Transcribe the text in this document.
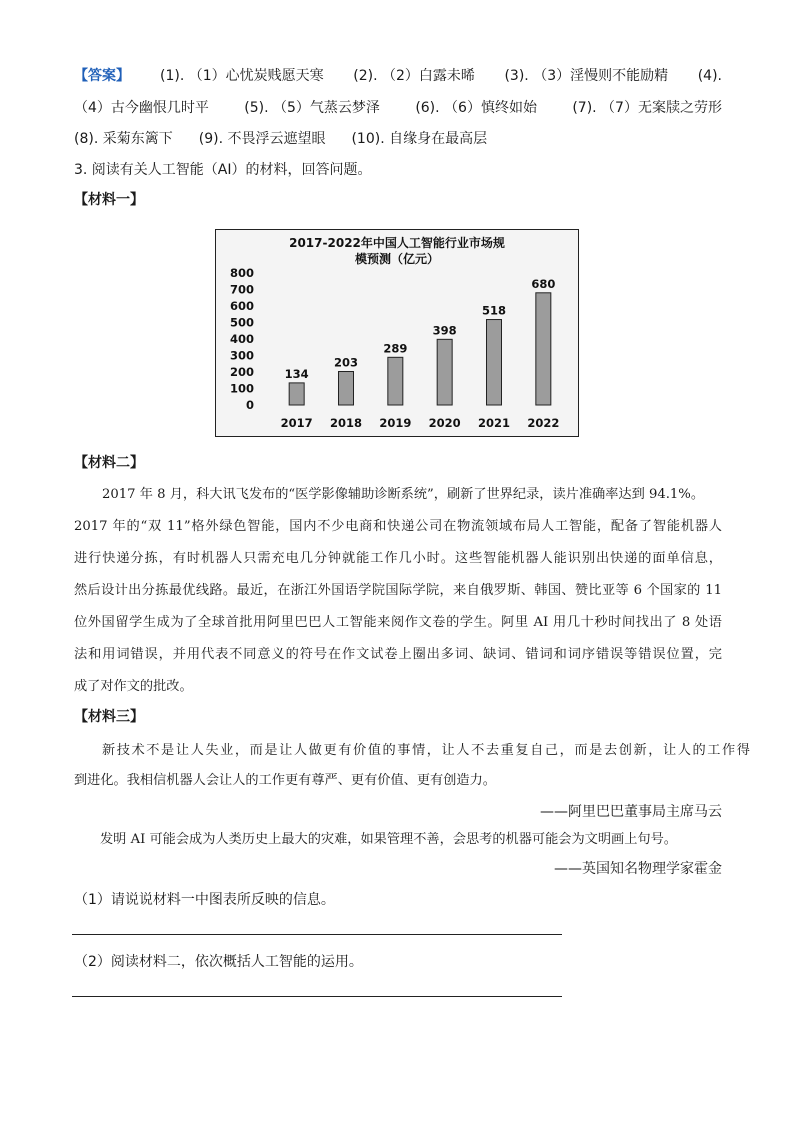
【答案】 (1). （1）心忧炭贱愿天寒 (2). （2）白露未晞 (3). （3）淫慢则不能励精 (4).
（4）古今幽恨几时平	(5). （5）气蒸云梦泽	(6). （6）慎终如始	(7). （7）无案牍之劳形
(8). 采菊东篱下 (9). 不畏浮云遮望眼 (10). 自缘身在最高层
3. 阅读有关人工智能（AI）的材料，回答问题。
【材料一】
2017-2022年中国人工智能行业市场规
模预测（亿元）
800
700
600
500
400
300
200
100
0
134
203
289
398
518
680
2017 2018 2019 2020 2021 2022
【材料二】
2017 年 8 月，科大讯飞发布的“医学影像辅助诊断系统”，刷新了世界纪录，读片准确率达到 94.1%。
2017 年的“双 11”格外绿色智能，国内不少电商和快递公司在物流领域布局人工智能，配备了智能机器人
进行快递分拣，有时机器人只需充电几分钟就能工作几小时。这些智能机器人能识别出快递的面单信息，
然后设计出分拣最优线路。最近，在浙江外国语学院国际学院，来自俄罗斯、韩国、赞比亚等 6 个国家的 11
位外国留学生成为了全球首批用阿里巴巴人工智能来阅作文卷的学生。阿里 AI 用几十秒时间找出了 8 处语
法和用词错误，并用代表不同意义的符号在作文试卷上圈出多词、缺词、错词和词序错误等错误位置，完
成了对作文的批改。
【材料三】
新技术不是让人失业，而是让人做更有价值的事情，让人不去重复自己，而是去创新，让人的工作得
到进化。我相信机器人会让人的工作更有尊严、更有价值、更有创造力。
——阿里巴巴董事局主席马云
发明 AI 可能会成为人类历史上最大的灾难，如果管理不善，会思考的机器可能会为文明画上句号。
——英国知名物理学家霍金
（1）请说说材料一中图表所反映的信息。
（2）阅读材料二，依次概括人工智能的运用。
